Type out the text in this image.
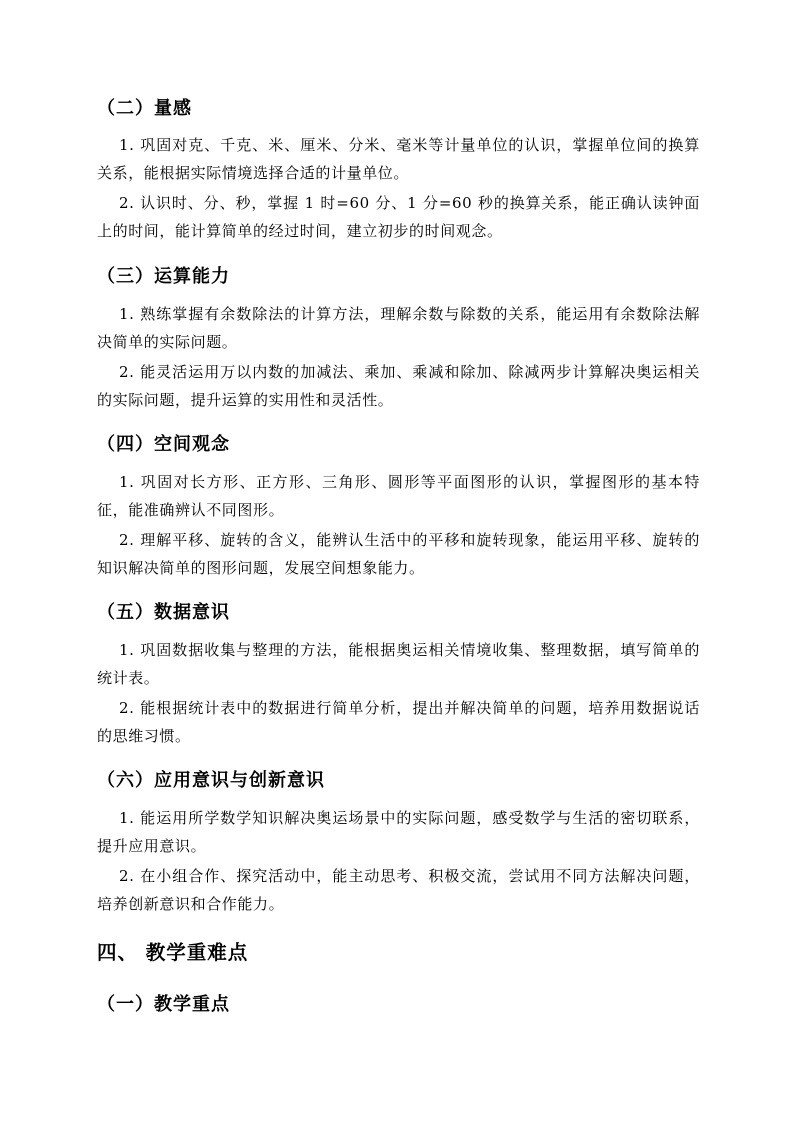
（二）量感

1. 巩固对克、千克、米、厘米、分米、毫米等计量单位的认识，掌握单位间的换算关系，能根据实际情境选择合适的计量单位。

2. 认识时、分、秒，掌握 1 时=60 分、1 分=60 秒的换算关系，能正确认读钟面上的时间，能计算简单的经过时间，建立初步的时间观念。

（三）运算能力

1. 熟练掌握有余数除法的计算方法，理解余数与除数的关系，能运用有余数除法解决简单的实际问题。

2. 能灵活运用万以内数的加减法、乘加、乘减和除加、除减两步计算解决奥运相关的实际问题，提升运算的实用性和灵活性。

（四）空间观念

1. 巩固对长方形、正方形、三角形、圆形等平面图形的认识，掌握图形的基本特征，能准确辨认不同图形。

2. 理解平移、旋转的含义，能辨认生活中的平移和旋转现象，能运用平移、旋转的知识解决简单的图形问题，发展空间想象能力。

（五）数据意识

1. 巩固数据收集与整理的方法，能根据奥运相关情境收集、整理数据，填写简单的统计表。

2. 能根据统计表中的数据进行简单分析，提出并解决简单的问题，培养用数据说话的思维习惯。

（六）应用意识与创新意识

1. 能运用所学数学知识解决奥运场景中的实际问题，感受数学与生活的密切联系，提升应用意识。

2. 在小组合作、探究活动中，能主动思考、积极交流，尝试用不同方法解决问题，培养创新意识和合作能力。

四、 教学重难点
（一）教学重点
